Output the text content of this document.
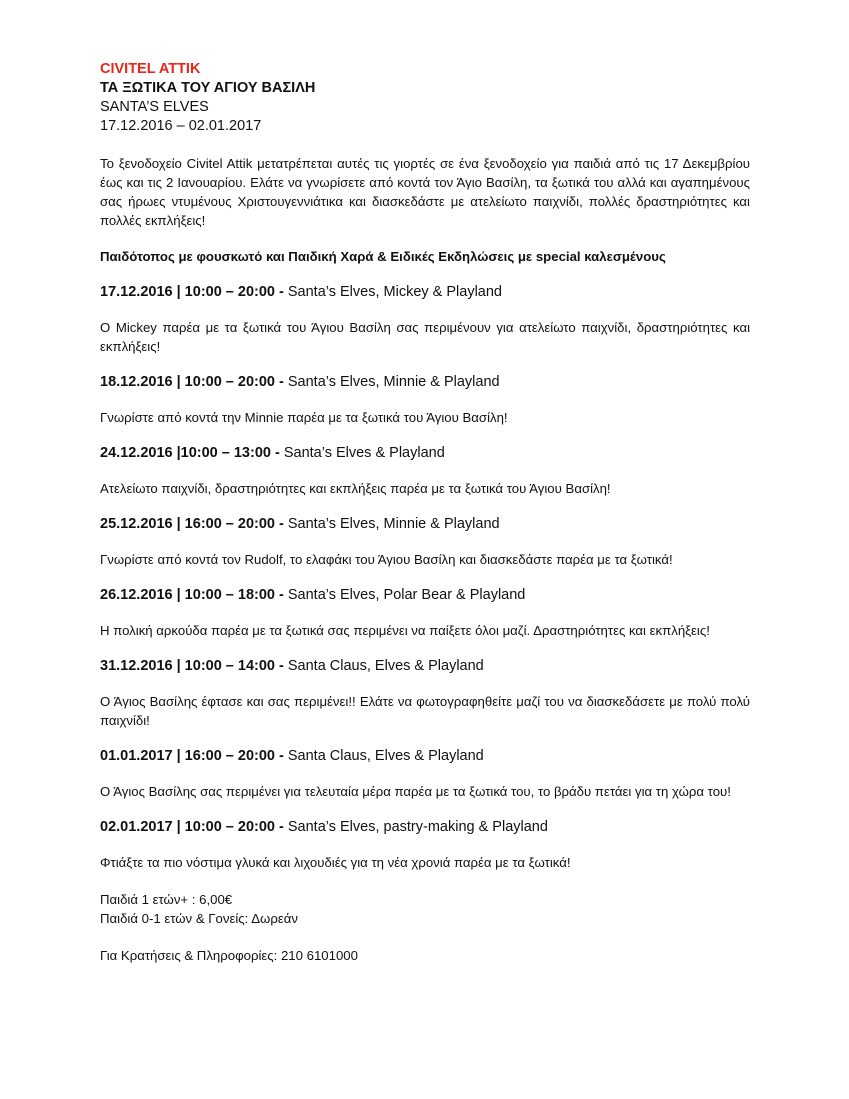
CIVITEL ATTIK

ΤΑ ΞΩΤΙΚΑ ΤΟΥ ΑΓΙΟΥ ΒΑΣΙΛΗ

SANTA’S ELVES

17.12.2016 – 02.01.2017

Το ξενοδοχείο Civitel Attik μετατρέπεται αυτές τις γιορτές σε ένα ξενοδοχείο για παιδιά από τις 17 Δεκεμβρίου έως και τις 2 Ιανουαρίου. Ελάτε να γνωρίσετε από κοντά τον Άγιο Βασίλη, τα ξωτικά του αλλά και αγαπημένους σας ήρωες ντυμένους Χριστουγεννιάτικα και διασκεδάστε με ατελείωτο παιχνίδι, πολλές δραστηριότητες και πολλές εκπλήξεις!
Παιδότοπος με φουσκωτό και Παιδική Χαρά & Ειδικές Εκδηλώσεις με special καλεσμένους

17.12.2016 | 10:00 – 20:00 - Santa’s Elves, Mickey & Playland

Ο Mickey παρέα με τα ξωτικά του Άγιου Βασίλη σας περιμένουν για ατελείωτο παιχνίδι, δραστηριότητες και εκπλήξεις!

18.12.2016 | 10:00 – 20:00 - Santa’s Elves, Minnie & Playland

Γνωρίστε από κοντά την Minnie παρέα με τα ξωτικά του Άγιου Βασίλη!

24.12.2016 |10:00 – 13:00 - Santa’s Elves & Playland

Ατελείωτο παιχνίδι, δραστηριότητες και εκπλήξεις παρέα με τα ξωτικά του Άγιου Βασίλη!

25.12.2016 | 16:00 – 20:00 - Santa’s Elves, Minnie & Playland

Γνωρίστε από κοντά τον Rudolf, το ελαφάκι του Άγιου Βασίλη και διασκεδάστε παρέα με τα ξωτικά!

26.12.2016 | 10:00 – 18:00 - Santa’s Elves, Polar Bear & Playland

Η πολική αρκούδα παρέα με τα ξωτικά σας περιμένει να παίξετε όλοι μαζί. Δραστηριότητες και εκπλήξεις!

31.12.2016 | 10:00 – 14:00 - Santa Claus, Elves & Playland

Ο Άγιος Βασίλης έφτασε και σας περιμένει!! Ελάτε να φωτογραφηθείτε μαζί του να διασκεδάσετε με πολύ πολύ παιχνίδι!

01.01.2017 | 16:00 – 20:00 - Santa Claus, Elves & Playland

Ο Άγιος Βασίλης σας περιμένει για τελευταία μέρα παρέα με τα ξωτικά του, το βράδυ πετάει για τη χώρα του!

02.01.2017 | 10:00 – 20:00 - Santa’s Elves, pastry-making & Playland

Φτιάξτε τα πιο νόστιμα γλυκά και λιχουδιές για τη νέα χρονιά παρέα με τα ξωτικά!
Παιδιά 1 ετών+ : 6,00€
Παιδιά 0-1 ετών & Γονείς: Δωρεάν
Για Κρατήσεις & Πληροφορίες: 210 6101000
